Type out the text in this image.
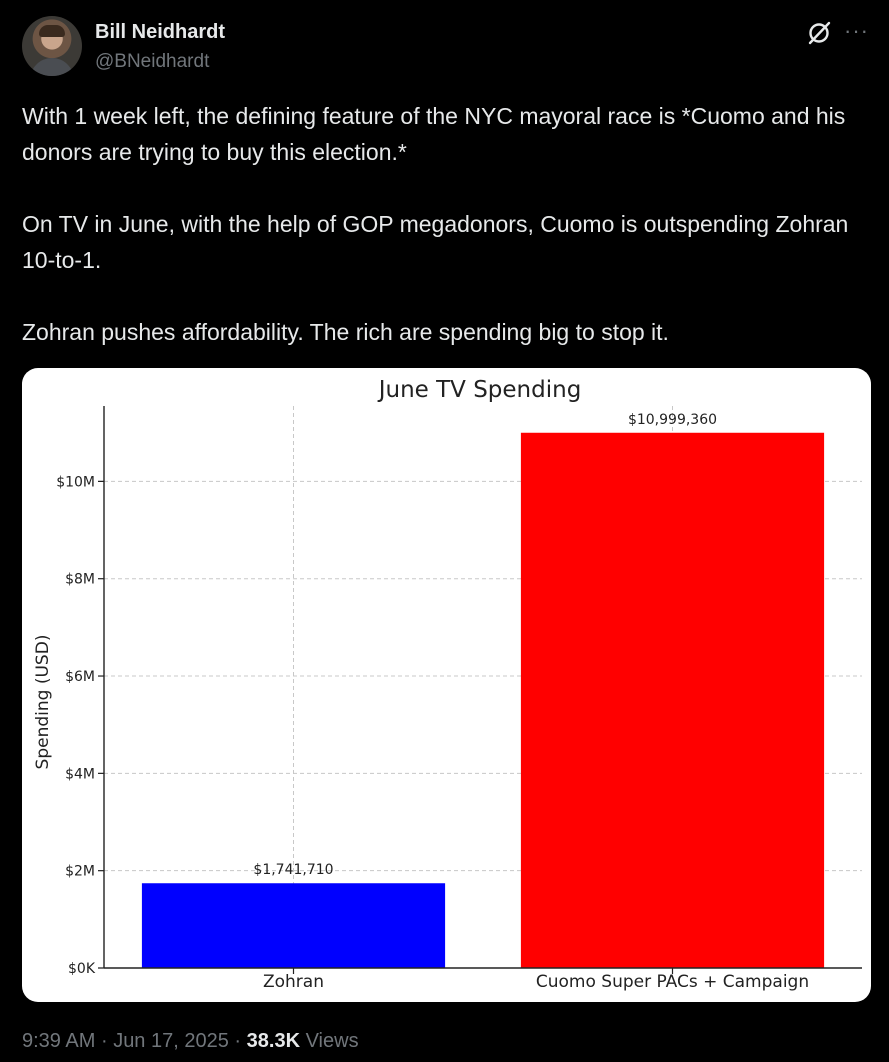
Bill Neidhardt
@BNeidhardt
···

With 1 week left, the defining feature of the NYC mayoral race is *Cuomo and his donors are trying to buy this election.*

On TV in June, with the help of GOP megadonors, Cuomo is outspending Zohran 10-to-1.

Zohran pushes affordability. The rich are spending big to stop it.

$0K
$2M
$4M
$6M
$8M
$10M
$1,741,710
Zohran
$10,999,360
Cuomo Super PACs + Campaign
June TV Spending
Spending (USD)
9:39 AM · Jun 17, 2025 · 38.3K Views
